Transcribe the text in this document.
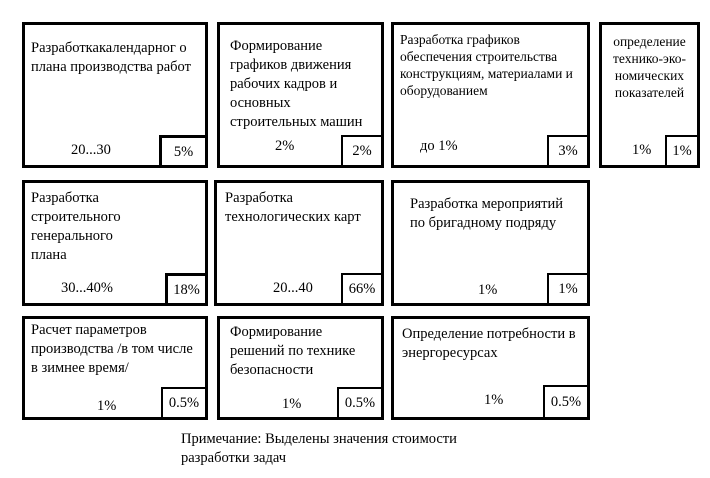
Разработкакалендарног о плана производства работ
20...30	5%
Формирование графиков движения рабочих кадров и основных строительных машин
2%	2%
Разработка графиков обеспечения строительства конструкциям, материалами и оборудованием
до 1%	3%
определение технико-эко-номических показателей
1%	1%
Разработка строительного генерального плана
30...40%	18%
Разработка технологических карт
20...40	66%
Разработка мероприятий по бригадному подряду
1%	1%
Расчет параметров производства /в том числе в зимнее время/
1%	0.5%
Формирование решений по технике безопасности
1%	0.5%
Определение потребности в энергоресурсах
1%	0.5%
Примечание: Выделены значения стоимости
разработки задач
